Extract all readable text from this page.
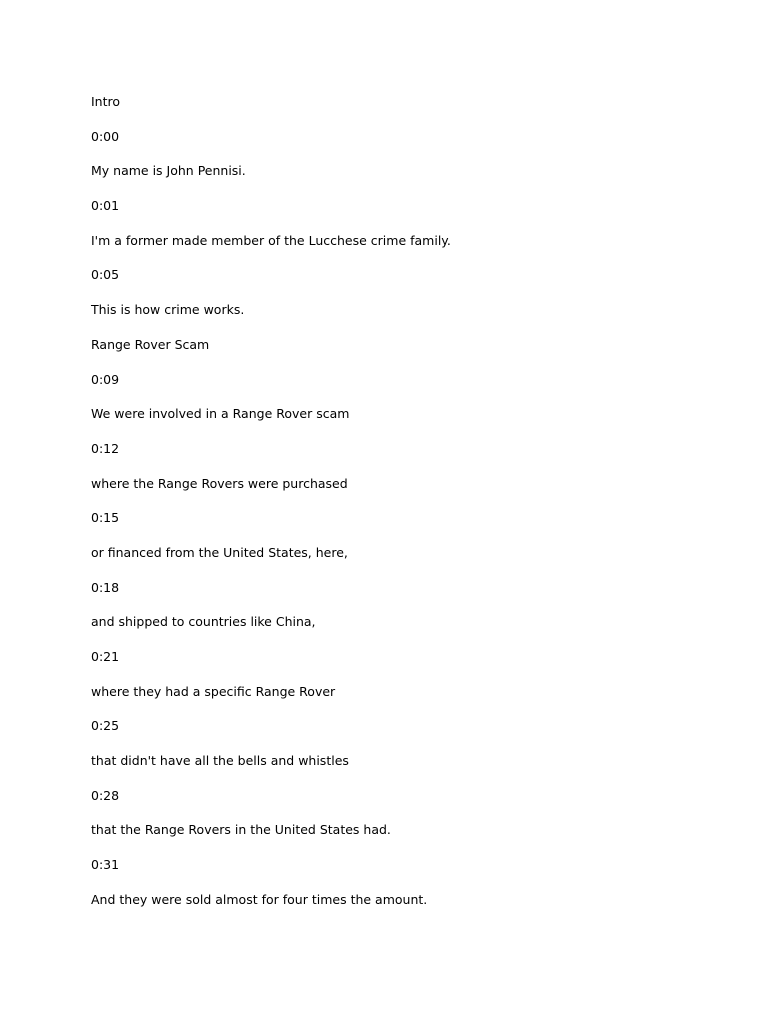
Intro
0:00
My name is John Pennisi.
0:01
I'm a former made member of the Lucchese crime family.
0:05
This is how crime works.
Range Rover Scam
0:09
We were involved in a Range Rover scam
0:12
where the Range Rovers were purchased
0:15
or financed from the United States, here,
0:18
and shipped to countries like China,
0:21
where they had a specific Range Rover
0:25
that didn't have all the bells and whistles
0:28
that the Range Rovers in the United States had.
0:31
And they were sold almost for four times the amount.
